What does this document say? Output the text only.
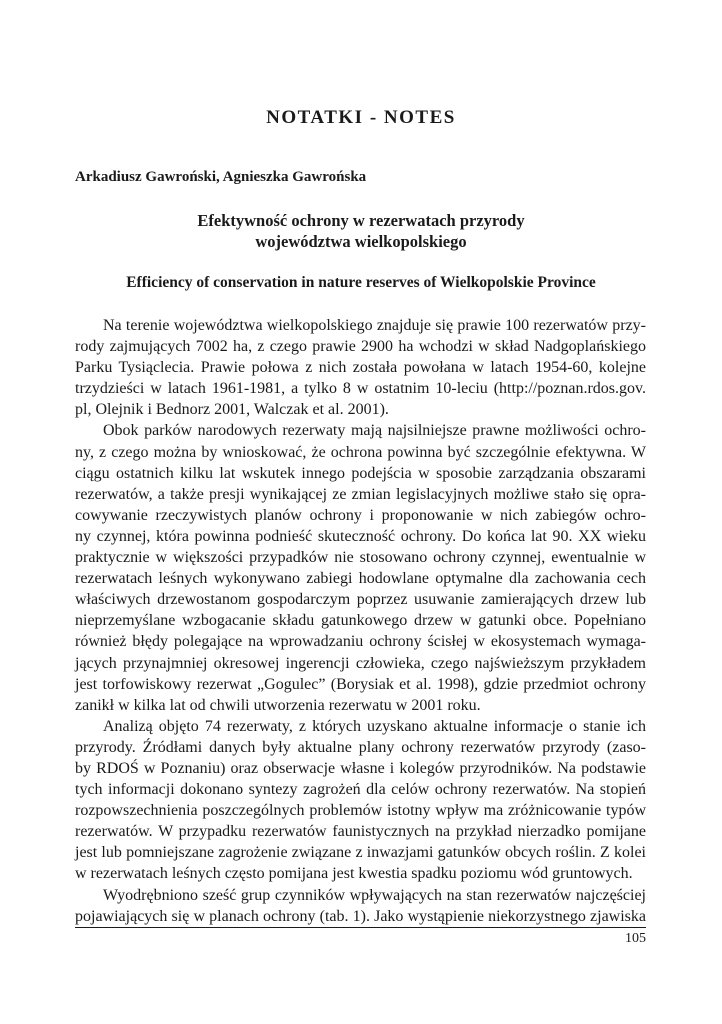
NOTATKI - NOTES
Arkadiusz Gawroński, Agnieszka Gawrońska
Efektywność ochrony w rezerwatach przyrody
województwa wielkopolskiego
Efficiency of conservation in nature reserves of Wielkopolskie Province
Na terenie województwa wielkopolskiego znajduje się prawie 100 rezerwatów przy-
rody zajmujących 7002 ha, z czego prawie 2900 ha wchodzi w skład Nadgoplańskiego
Parku Tysiąclecia. Prawie połowa z nich została powołana w latach 1954-60, kolejne
trzydzieści w latach 1961-1981, a tylko 8 w ostatnim 10-leciu (http://poznan.rdos.gov.
pl, Olejnik i Bednorz 2001, Walczak et al. 2001).
Obok parków narodowych rezerwaty mają najsilniejsze prawne możliwości ochro-
ny, z czego można by wnioskować, że ochrona powinna być szczególnie efektywna. W
ciągu ostatnich kilku lat wskutek innego podejścia w sposobie zarządzania obszarami
rezerwatów, a także presji wynikającej ze zmian legislacyjnych możliwe stało się opra-
cowywanie rzeczywistych planów ochrony i proponowanie w nich zabiegów ochro-
ny czynnej, która powinna podnieść skuteczność ochrony. Do końca lat 90. XX wieku
praktycznie w większości przypadków nie stosowano ochrony czynnej, ewentualnie w
rezerwatach leśnych wykonywano zabiegi hodowlane optymalne dla zachowania cech
właściwych drzewostanom gospodarczym poprzez usuwanie zamierających drzew lub
nieprzemyślane wzbogacanie składu gatunkowego drzew w gatunki obce. Popełniano
również błędy polegające na wprowadzaniu ochrony ścisłej w ekosystemach wymaga-
jących przynajmniej okresowej ingerencji człowieka, czego najświeższym przykładem
jest torfowiskowy rezerwat „Gogulec” (Borysiak et al. 1998), gdzie przedmiot ochrony
zanikł w kilka lat od chwili utworzenia rezerwatu w 2001 roku.
Analizą objęto 74 rezerwaty, z których uzyskano aktualne informacje o stanie ich
przyrody. Źródłami danych były aktualne plany ochrony rezerwatów przyrody (zaso-
by RDOŚ w Poznaniu) oraz obserwacje własne i kolegów przyrodników. Na podstawie
tych informacji dokonano syntezy zagrożeń dla celów ochrony rezerwatów. Na stopień
rozpowszechnienia poszczególnych problemów istotny wpływ ma zróżnicowanie typów
rezerwatów. W przypadku rezerwatów faunistycznych na przykład nierzadko pomijane
jest lub pomniejszane zagrożenie związane z inwazjami gatunków obcych roślin. Z kolei
w rezerwatach leśnych często pomijana jest kwestia spadku poziomu wód gruntowych.
Wyodrębniono sześć grup czynników wpływających na stan rezerwatów najczęściej
pojawiających się w planach ochrony (tab. 1). Jako wystąpienie niekorzystnego zjawiska
105
